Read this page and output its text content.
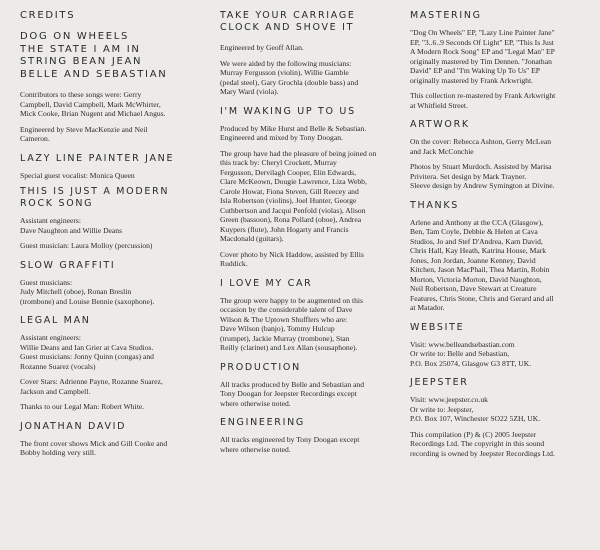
CREDITS
DOG ON WHEELS
THE STATE I AM IN
STRING BEAN JEAN
BELLE AND SEBASTIAN

Contributors to these songs were: Gerry
Campbell, David Campbell, Mark McWhirter,
Mick Cooke, Brian Nugent and Michael Angus.

Engineered by Steve MacKenzie and Neil
Cameron.

LAZY LINE PAINTER JANE

Special guest vocalist: Monica Queen

THIS IS JUST A MODERN
ROCK SONG

Assistant engineers:
Dave Naughton and Willie Deans

Guest musician: Laura Molloy (percussion)

SLOW GRAFFITI

Guest musicians:
Judy Mitchell (oboe), Ronan Breslin
(trombone) and Louise Bennie (saxophone).

LEGAL MAN

Assistant engineers:
Willie Deans and Ian Grier at Cava Studios.
Guest musicians: Jonny Quinn (congas) and
Rozanne Suarez (vocals)

Cover Stars: Adrienne Payne, Rozanne Suarez,
Jackson and Campbell.

Thanks to our Legal Man: Robert White.

JONATHAN DAVID

The front cover shows Mick and Gill Cooke and
Bobby holding very still.

TAKE YOUR CARRIAGE
CLOCK AND SHOVE IT

Engineered by Geoff Allan.

We were aided by the following musicians:
Murray Fergusson (violin), Willie Gamble
(pedal steel), Gary Grochla (double bass) and
Mary Ward (viola).

I'M WAKING UP TO US

Produced by Mike Hurst and Belle & Sebastian.
Engineered and mixed by Tony Doogan.

The group have had the pleasure of being joined on
this track by: Cheryl Crockett, Murray
Fergusson, Dervilagh Cooper, Elin Edwards,
Clare McKeown, Dougie Lawrence, Liza Webb,
Carole Howat, Fiona Steven, Gill Reecey and
Isla Robertson (violins), Joel Hunter, George
Cuthbertson and Jacqui Penfold (violas), Alison
Green (bassoon), Rona Pollard (oboe), Andrea
Kuypers (flute), John Hogarty and Francis
Macdonald (guitars).

Cover photo by Nick Haddow, assisted by Ellis
Ruddick.

I LOVE MY CAR

The group were happy to be augmented on this
occasion by the considerable talent of Dave
Wilson & The Uptown Shufflers who are:
Dave Wilson (banjo), Tommy Hulcup
(trumpet), Jackie Murray (trombone), Stan
Reilly (clarinet) and Lex Allan (sousaphone).

PRODUCTION

All tracks produced by Belle and Sebastian and
Tony Doogan for Jeepster Recordings except
where otherwise noted.

ENGINEERING

All tracks engineered by Tony Doogan except
where otherwise noted.

MASTERING

"Dog On Wheels" EP, "Lazy Line Painter Jane"
EP, "3..6..9 Seconds Of Light" EP, "This Is Just
A Modern Rock Song" EP and "Legal Man" EP
originally mastered by Tim Dennen. "Jonathan
David" EP and "I'm Waking Up To Us" EP
originally mastered by Frank Arkwright.

This collection re-mastered by Frank Arkwright
at Whitfield Street.

ARTWORK

On the cover: Rebecca Ashton, Gerry McLean
and Jack McConchie

Photos by Stuart Murdoch. Assisted by Marisa
Privitera. Set design by Mark Trayner.
Sleeve design by Andrew Symington at Divine.

THANKS

Arlene and Anthony at the CCA (Glasgow),
Ben, Tam Coyle, Debbie & Helen at Cava
Studios, Jo and Stef D'Andrea, Karn David,
Chris Hall, Kay Heath, Katrina House, Mark
Jones, Jon Jordan, Joanne Kenney, David
Kitchen, Jason MacPhail, Thea Martin, Robin
Morton, Victoria Morton, David Naughton,
Neil Robertson, Dave Stewart at Creature
Features, Chris Stone, Chris and Gerard and all
at Matador.

WEBSITE

Visit: www.belleandsebastian.com
Or write to: Belle and Sebastian,
P.O. Box 25074, Glasgow G3 8TT, UK.

JEEPSTER

Visit: www.jeepster.co.uk
Or write to: Jeepster,
P.O. Box 107, Winchester SO22 5ZH, UK.

This compilation (P) & (C) 2005 Jeepster
Recordings Ltd. The copyright in this sound
recording is owned by Jeepster Recordings Ltd.
